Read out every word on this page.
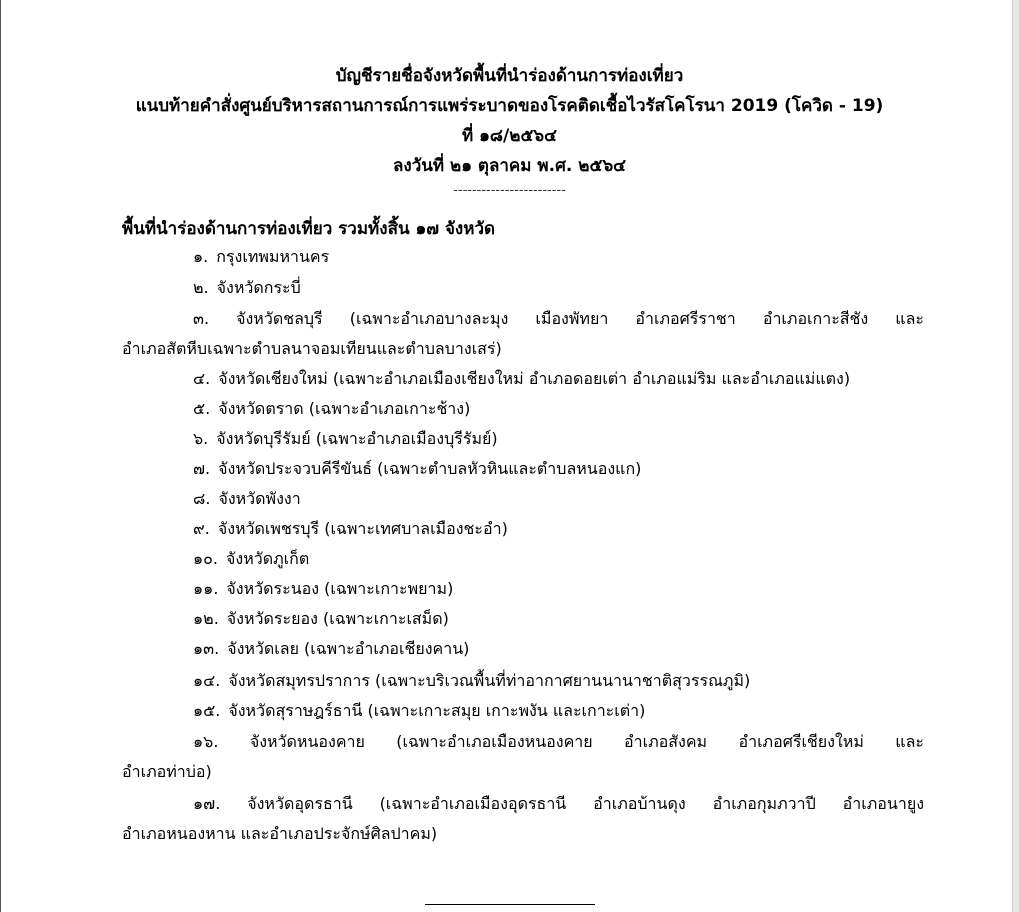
บัญชีรายชื่อจังหวัดพื้นที่นำร่องด้านการท่องเที่ยว
แนบท้ายคำสั่งศูนย์บริหารสถานการณ์การแพร่ระบาดของโรคติดเชื้อไวรัสโคโรนา 2019 (โควิด - 19)
ที่ ๑๘/๒๕๖๔
ลงวันที่ ๒๑ ตุลาคม พ.ศ. ๒๕๖๔
------------------------
พื้นที่นำร่องด้านการท่องเที่ยว รวมทั้งสิ้น ๑๗ จังหวัด
๑. กรุงเทพมหานคร
๒. จังหวัดกระบี่
๓. จังหวัดชลบุรี (เฉพาะอำเภอบางละมุง เมืองพัทยา อำเภอศรีราชา อำเภอเกาะสีชัง และ
อำเภอสัตหีบเฉพาะตำบลนาจอมเทียนและตำบลบางเสร่)
๔. จังหวัดเชียงใหม่ (เฉพาะอำเภอเมืองเชียงใหม่ อำเภอดอยเต่า อำเภอแม่ริม และอำเภอแม่แตง)
๕. จังหวัดตราด (เฉพาะอำเภอเกาะช้าง)
๖. จังหวัดบุรีรัมย์ (เฉพาะอำเภอเมืองบุรีรัมย์)
๗. จังหวัดประจวบคีรีขันธ์ (เฉพาะตำบลหัวหินและตำบลหนองแก)
๘. จังหวัดพังงา
๙. จังหวัดเพชรบุรี (เฉพาะเทศบาลเมืองชะอำ)
๑๐. จังหวัดภูเก็ต
๑๑. จังหวัดระนอง (เฉพาะเกาะพยาม)
๑๒. จังหวัดระยอง (เฉพาะเกาะเสม็ด)
๑๓. จังหวัดเลย (เฉพาะอำเภอเชียงคาน)
๑๔. จังหวัดสมุทรปราการ (เฉพาะบริเวณพื้นที่ท่าอากาศยานนานาชาติสุวรรณภูมิ)
๑๕. จังหวัดสุราษฎร์ธานี (เฉพาะเกาะสมุย เกาะพงัน และเกาะเต่า)
๑๖. จังหวัดหนองคาย (เฉพาะอำเภอเมืองหนองคาย อำเภอสังคม อำเภอศรีเชียงใหม่ และ
อำเภอท่าบ่อ)
๑๗. จังหวัดอุดรธานี (เฉพาะอำเภอเมืองอุดรธานี อำเภอบ้านดุง อำเภอกุมภวาปี อำเภอนายูง
อำเภอหนองหาน และอำเภอประจักษ์ศิลปาคม)
